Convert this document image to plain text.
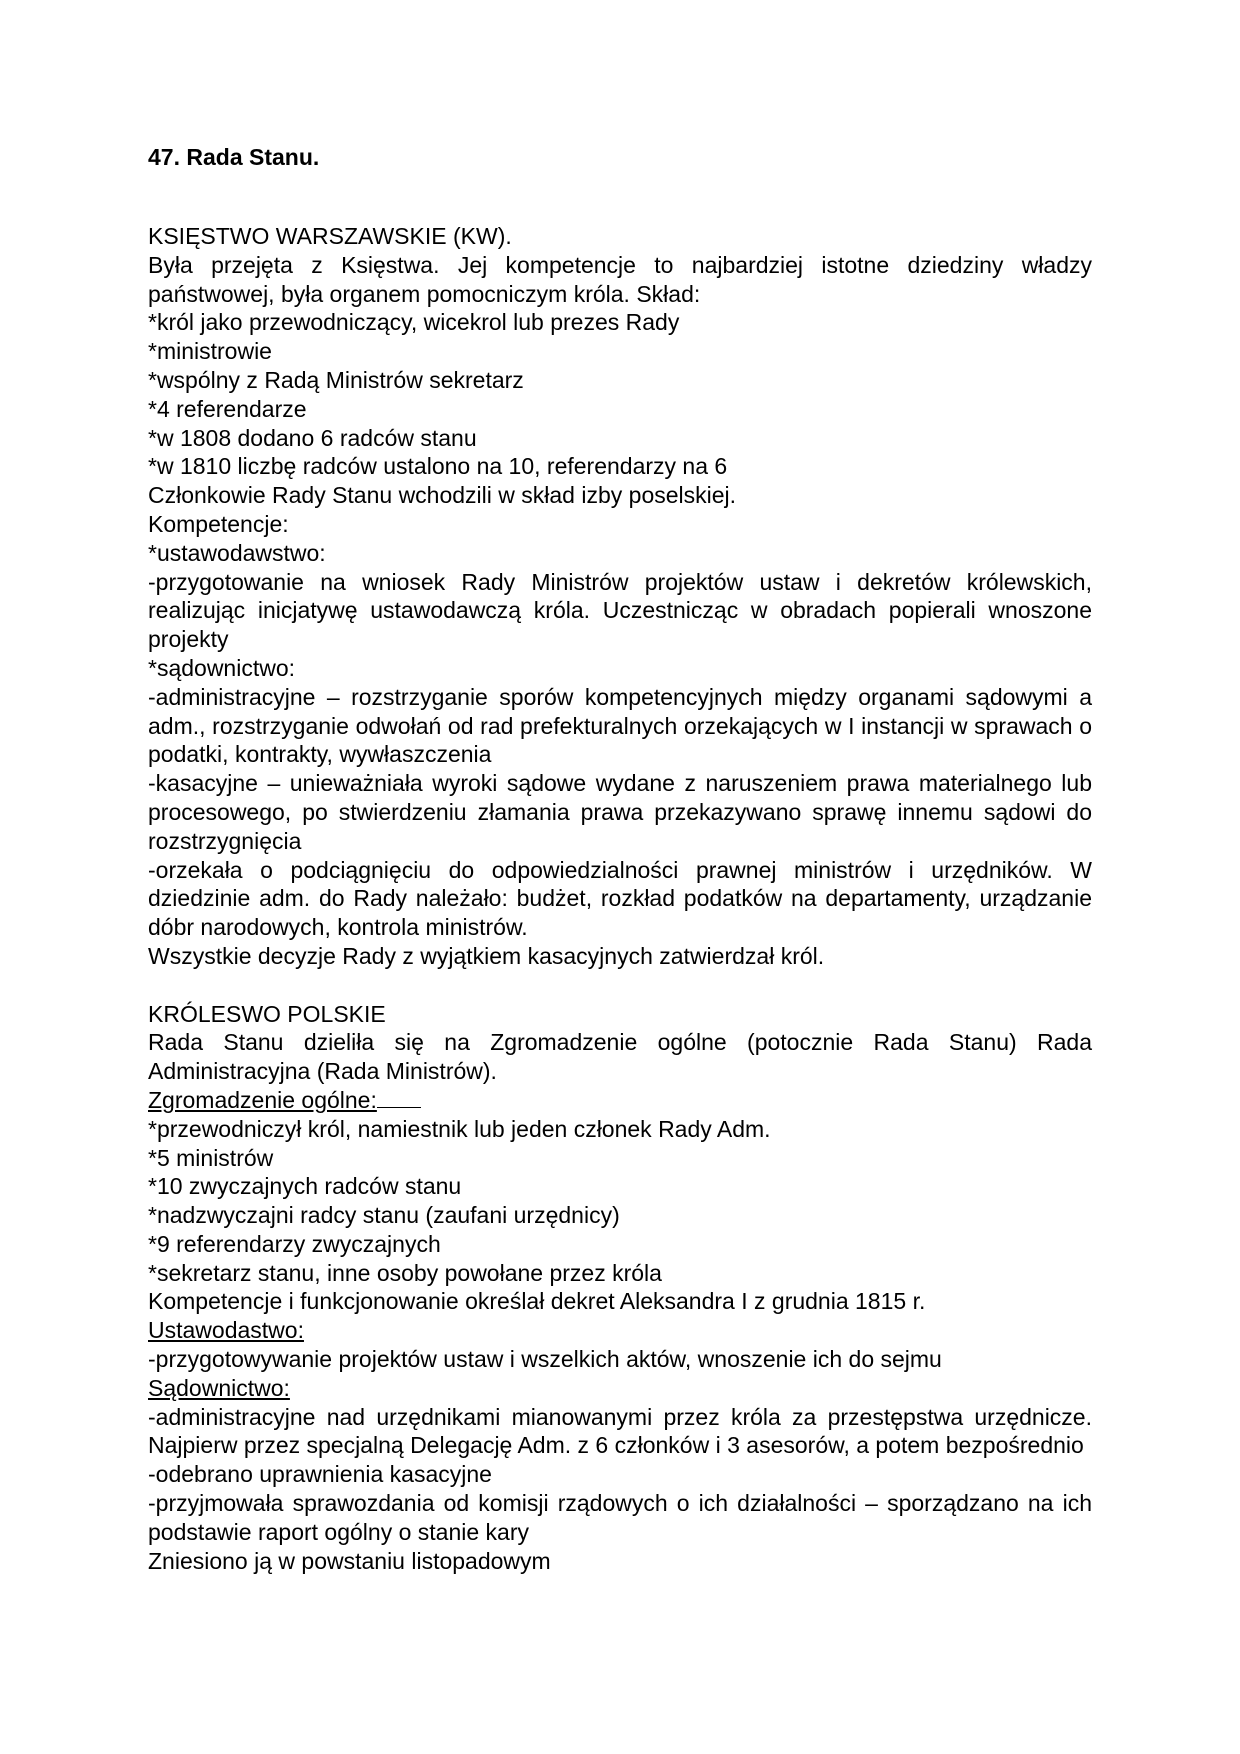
47. Rada Stanu.

KSIĘSTWO WARSZAWSKIE (KW).

Była przejęta z Księstwa. Jej kompetencje to najbardziej istotne dziedziny władzy państwowej, była organem pomocniczym króla. Skład:

*król jako przewodniczący, wicekrol lub prezes Rady

*ministrowie

*wspólny z Radą Ministrów sekretarz

*4 referendarze

*w 1808 dodano 6 radców stanu

*w 1810 liczbę radców ustalono na 10, referendarzy na 6

Członkowie Rady Stanu wchodzili w skład izby poselskiej.

Kompetencje:

*ustawodawstwo:

-przygotowanie na wniosek Rady Ministrów projektów ustaw i dekretów królewskich, realizując inicjatywę ustawodawczą króla. Uczestnicząc w obradach popierali wnoszone projekty

*sądownictwo:

-administracyjne – rozstrzyganie sporów kompetencyjnych między organami sądowymi a adm., rozstrzyganie odwołań od rad prefekturalnych orzekających w I instancji w sprawach o podatki, kontrakty, wywłaszczenia

-kasacyjne – unieważniała wyroki sądowe wydane z naruszeniem prawa materialnego lub procesowego, po stwierdzeniu złamania prawa przekazywano sprawę innemu sądowi do rozstrzygnięcia

-orzekała o podciągnięciu do odpowiedzialności prawnej ministrów i urzędników. W dziedzinie adm. do Rady należało: budżet, rozkład podatków na departamenty, urządzanie dóbr narodowych, kontrola ministrów.

Wszystkie decyzje Rady z wyjątkiem kasacyjnych zatwierdzał król.

KRÓLESWO POLSKIE

Rada Stanu dzieliła się na Zgromadzenie ogólne (potocznie Rada Stanu) Rada Administracyjna (Rada Ministrów).

Zgromadzenie ogólne:

*przewodniczył król, namiestnik lub jeden członek Rady Adm.

*5 ministrów

*10 zwyczajnych radców stanu

*nadzwyczajni radcy stanu (zaufani urzędnicy)

*9 referendarzy zwyczajnych

*sekretarz stanu, inne osoby powołane przez króla

Kompetencje i funkcjonowanie określał dekret Aleksandra I z grudnia 1815 r.

Ustawodastwo:

-przygotowywanie projektów ustaw i wszelkich aktów, wnoszenie ich do sejmu

Sądownictwo:

-administracyjne nad urzędnikami mianowanymi przez króla za przestępstwa urzędnicze. Najpierw przez specjalną Delegację Adm. z 6 członków i 3 asesorów, a potem bezpośrednio

-odebrano uprawnienia kasacyjne

-przyjmowała sprawozdania od komisji rządowych o ich działalności – sporządzano na ich podstawie raport ogólny o stanie kary

Zniesiono ją w powstaniu listopadowym
